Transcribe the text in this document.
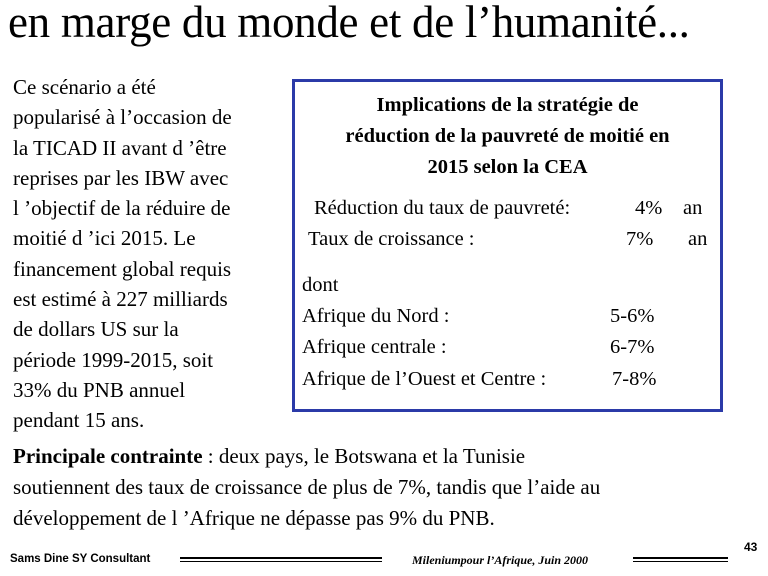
en marge du monde et de l’humanité...
Ce scénario a été
popularisé à l’occasion de
la TICAD II avant d ’être
reprises par les IBW avec
l ’objectif de la réduire de
moitié d ’ici 2015. Le
financement global requis
est estimé à 227 milliards
de dollars US sur la
période 1999-2015, soit
33% du PNB annuel
pendant 15 ans.
Implications de la stratégie de
réduction de la pauvreté de moitié en
2015 selon la CEA
Réduction du taux de pauvreté:	4% an
Taux de croissance :	7% an
dont
Afrique du Nord :	5-6%
Afrique centrale :	6-7%
Afrique de l’Ouest et Centre :	7-8%
Principale contrainte : deux pays, le Botswana et la Tunisie
soutiennent des taux de croissance de plus de 7%, tandis que l’aide au
développement de l ’Afrique ne dépasse pas 9% du PNB.
Sams Dine SY Consultant	Mileniumpour l’Afrique, Juin 2000
43
